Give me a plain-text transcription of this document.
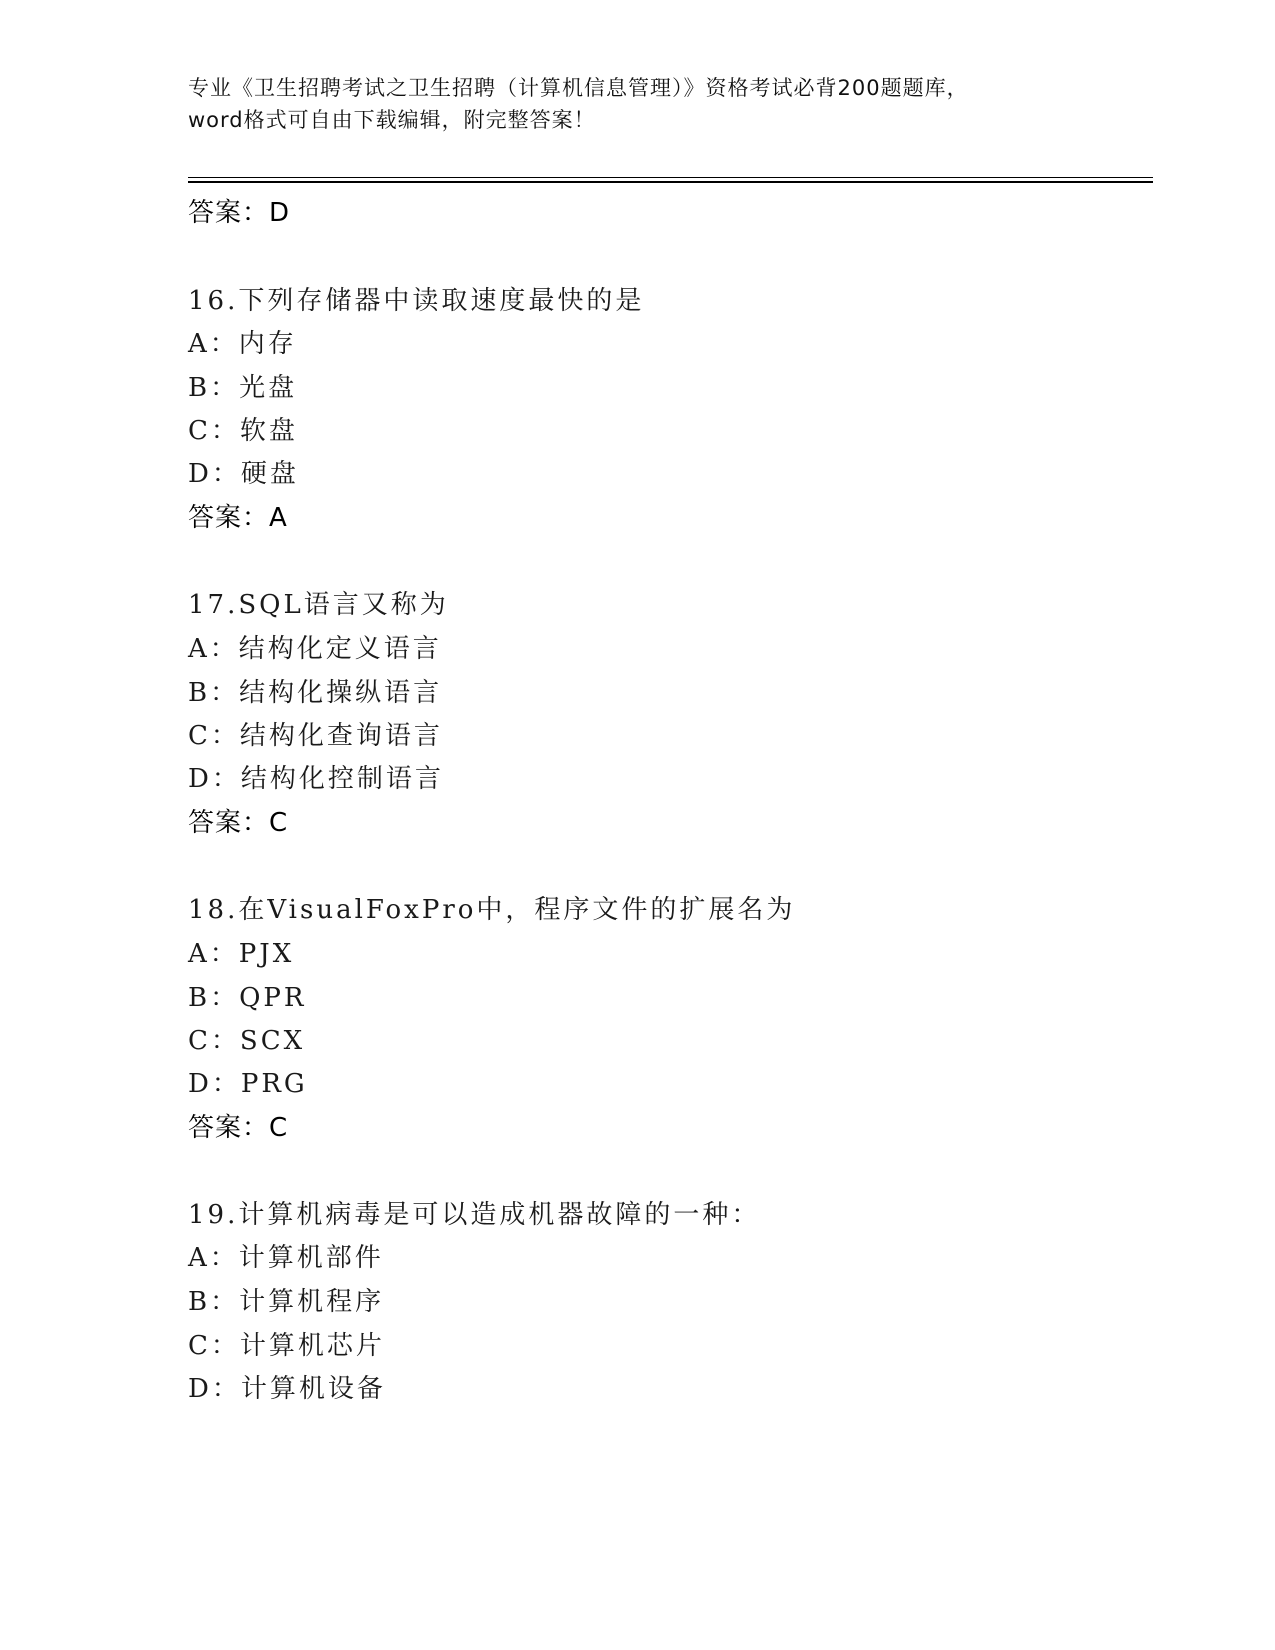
专业《卫生招聘考试之卫生招聘（计算机信息管理）》资格考试必背200题题库，
word格式可自由下载编辑，附完整答案！
答案：D
16.下列存储器中读取速度最快的是
A：内存
B：光盘
C：软盘
D：硬盘
答案：A
17.SQL语言又称为
A：结构化定义语言
B：结构化操纵语言
C：结构化查询语言
D：结构化控制语言
答案：C
18.在VisualFoxPro中，程序文件的扩展名为
A：PJX
B：QPR
C：SCX
D：PRG
答案：C
19.计算机病毒是可以造成机器故障的一种：
A：计算机部件
B：计算机程序
C：计算机芯片
D：计算机设备
